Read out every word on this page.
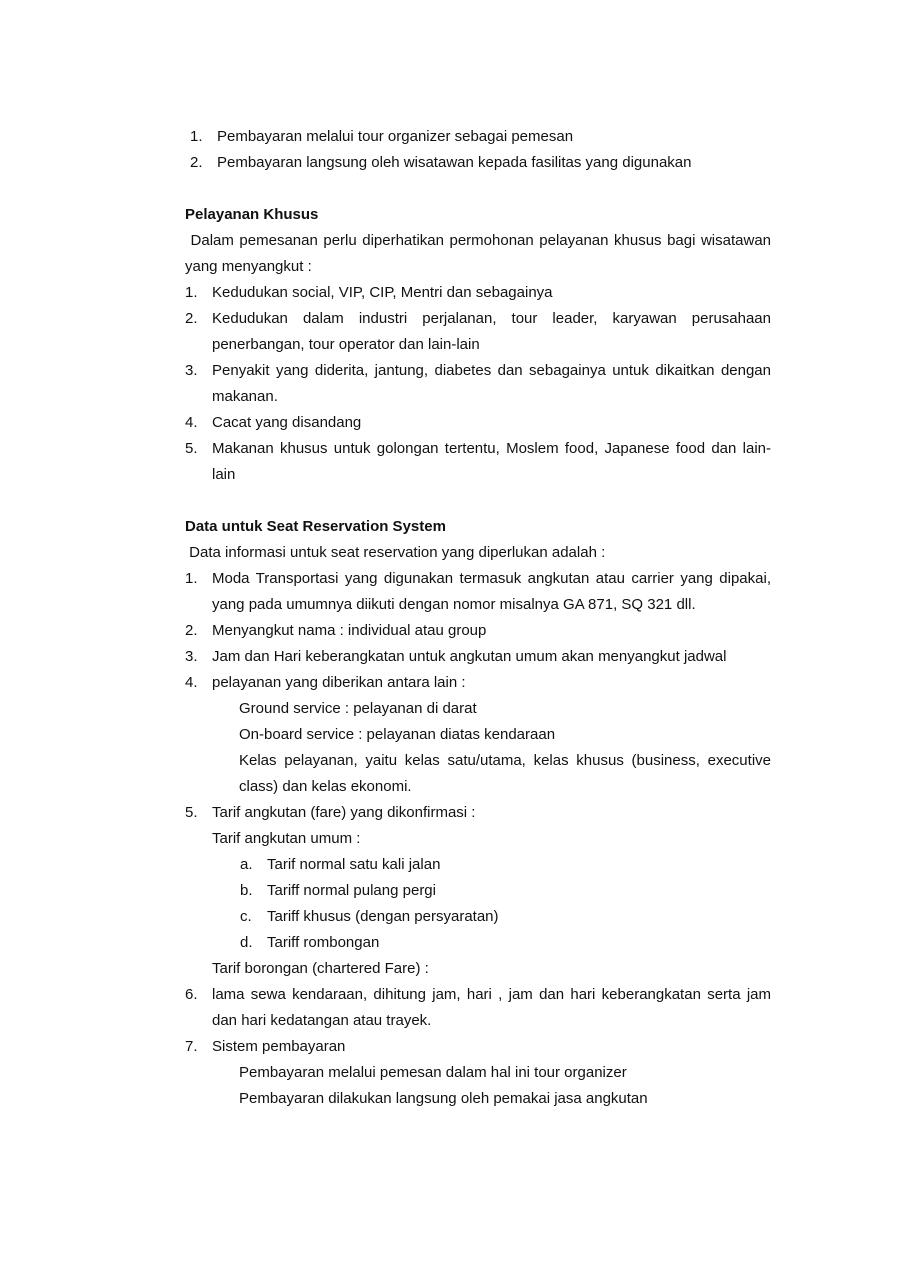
1. Pembayaran melalui tour organizer sebagai pemesan
2. Pembayaran langsung oleh wisatawan kepada fasilitas yang digunakan
Pelayanan Khusus
Dalam pemesanan perlu diperhatikan permohonan pelayanan khusus bagi wisatawan yang menyangkut :
1. Kedudukan social, VIP, CIP, Mentri dan sebagainya
2. Kedudukan dalam industri perjalanan, tour leader, karyawan perusahaan penerbangan, tour operator dan lain-lain
3. Penyakit yang diderita, jantung, diabetes dan sebagainya untuk dikaitkan dengan makanan.
4. Cacat yang disandang
5. Makanan khusus untuk golongan tertentu, Moslem food, Japanese food dan lain-lain
Data untuk Seat Reservation System
Data informasi untuk seat reservation yang diperlukan adalah :
1. Moda Transportasi yang digunakan termasuk angkutan atau carrier yang dipakai, yang pada umumnya diikuti dengan nomor misalnya GA 871, SQ 321 dll.
2. Menyangkut nama : individual atau group
3. Jam dan Hari keberangkatan untuk angkutan umum akan menyangkut jadwal
4. pelayanan yang diberikan antara lain :
Ground service : pelayanan di darat
On-board service : pelayanan diatas kendaraan
Kelas pelayanan, yaitu kelas satu/utama, kelas khusus (business, executive class) dan kelas ekonomi.
5. Tarif angkutan (fare) yang dikonfirmasi :
Tarif angkutan umum :
a. Tarif normal satu kali jalan
b. Tariff normal pulang pergi
c.	Tariff khusus (dengan persyaratan)
d. Tariff rombongan
Tarif borongan (chartered Fare) :
6. lama sewa kendaraan, dihitung jam, hari , jam dan hari keberangkatan serta jam dan hari kedatangan atau trayek.
7. Sistem pembayaran
Pembayaran melalui pemesan dalam hal ini tour organizer
Pembayaran dilakukan langsung oleh pemakai jasa angkutan
